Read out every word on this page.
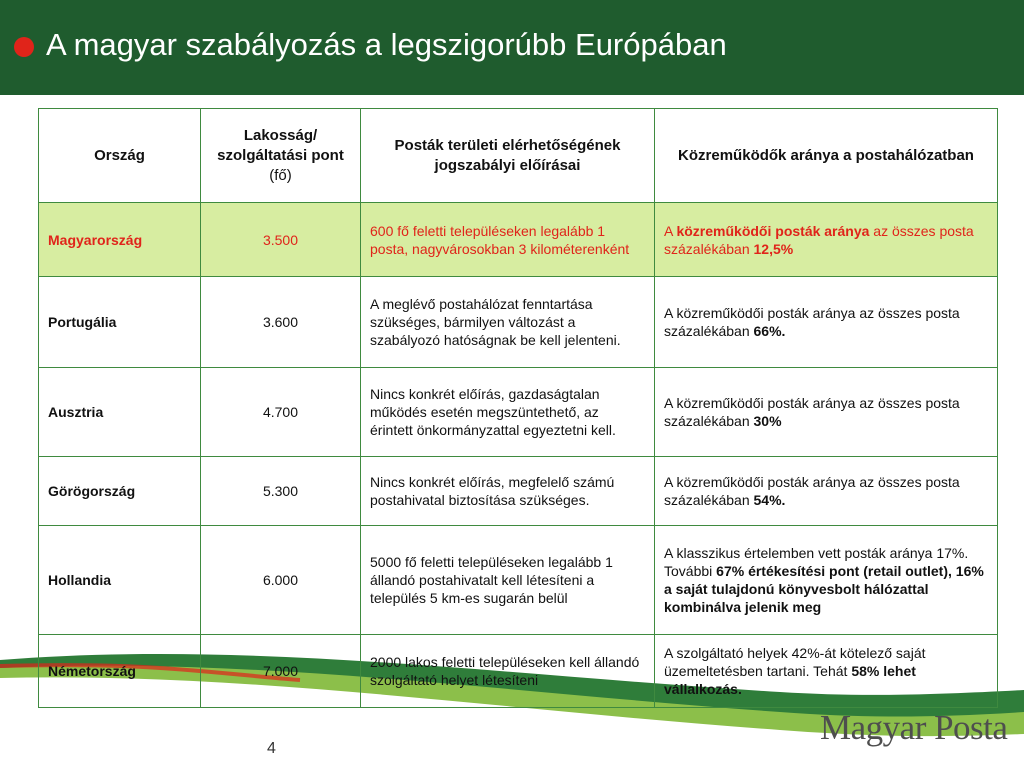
A magyar szabályozás a legszigorúbb Európában
Ország	Lakosság/ szolgáltatási pont (fő)	Posták területi elérhetőségének jogszabályi előírásai	Közreműködők aránya a postahálózatban
Magyarország	3.500	600 fő feletti településeken legalább 1 posta, nagyvárosokban 3 kilométerenként	A közreműködői posták aránya az összes posta százalékában 12,5%
Portugália	3.600	A meglévő postahálózat fenntartása szükséges, bármilyen változást a szabályozó hatóságnak be kell jelenteni.	A közreműködői posták aránya az összes posta százalékában 66%.
Ausztria	4.700	Nincs konkrét előírás, gazdaságtalan működés esetén megszüntethető, az érintett önkormányzattal egyeztetni kell.	A közreműködői posták aránya az összes posta százalékában 30%
Görögország	5.300	Nincs konkrét előírás, megfelelő számú postahivatal biztosítása szükséges.	A közreműködői posták aránya az összes posta százalékában 54%.
Hollandia	6.000	5000 fő feletti településeken legalább 1 állandó postahivatalt kell létesíteni a település 5 km-es sugarán belül	A klasszikus értelemben vett posták aránya 17%. További 67% értékesítési pont (retail outlet), 16% a saját tulajdonú könyvesbolt hálózattal kombinálva jelenik meg
Németország	7.000	2000 lakos feletti településeken kell állandó szolgáltató helyet létesíteni	A szolgáltató helyek 42%-át kötelező saját üzemeltetésben tartani. Tehát 58% lehet vállalkozás.
Magyar Posta
4
